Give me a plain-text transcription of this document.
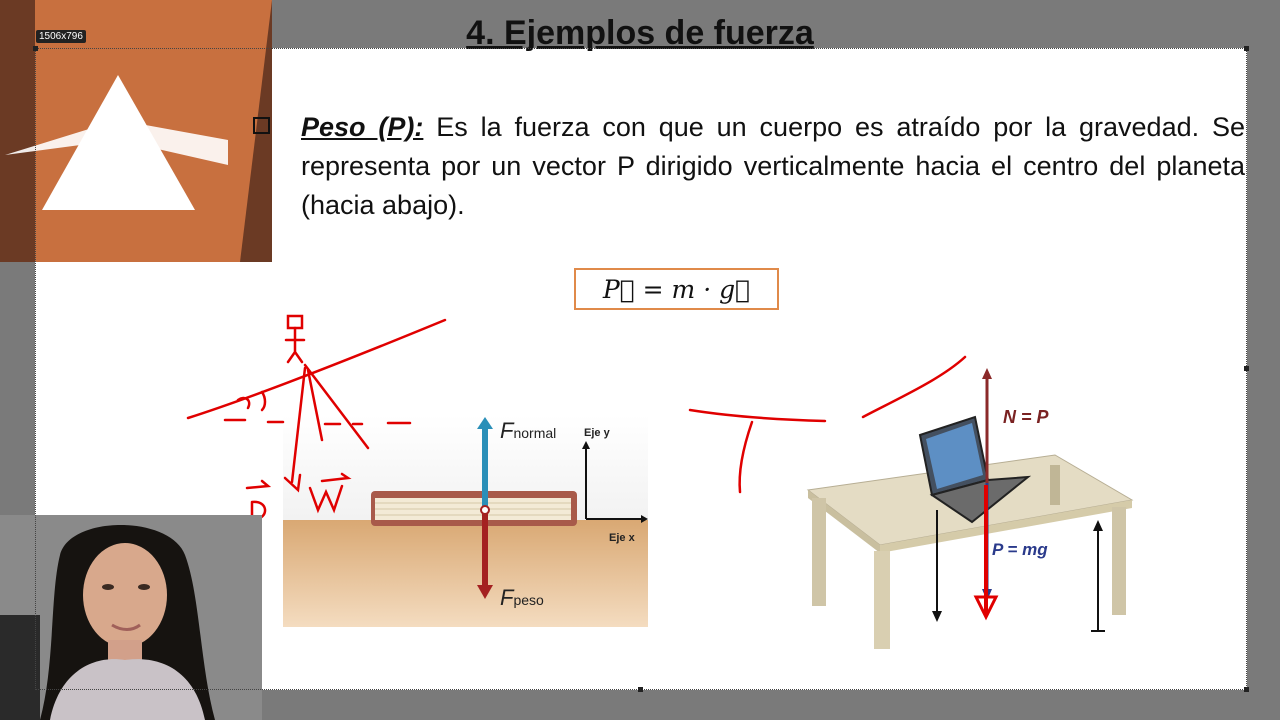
1506x796	4. Ejemplos de fuerza
Peso (P): Es la fuerza con que un cuerpo es atraído por la gravedad. Se representa por un vector P dirigido verticalmente hacia el centro del planeta (hacia abajo).
P⃗ = m · g⃗
Fnormal
Fpeso
Eje y
Eje x
N = P
P = mg
